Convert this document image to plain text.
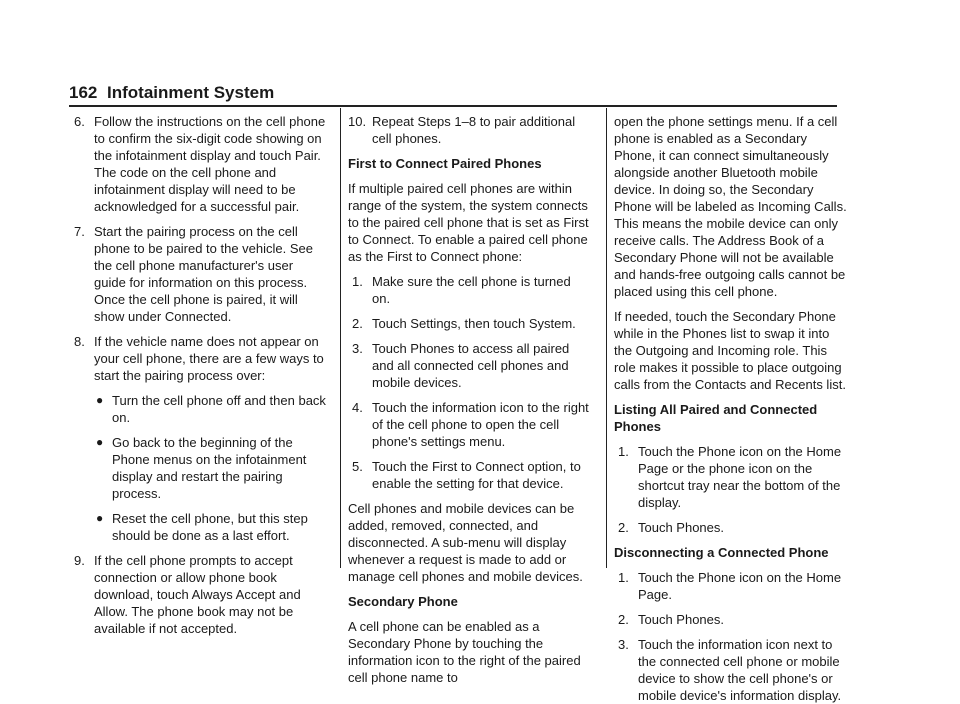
162 Infotainment System
6. Follow the instructions on the cell phone to confirm the six-digit code showing on the infotainment display and touch Pair. The code on the cell phone and infotainment display will need to be acknowledged for a successful pair.
7. Start the pairing process on the cell phone to be paired to the vehicle. See the cell phone manufacturer's user guide for information on this process. Once the cell phone is paired, it will show under Connected.
8. If the vehicle name does not appear on your cell phone, there are a few ways to start the pairing process over:
● Turn the cell phone off and then back on.
● Go back to the beginning of the Phone menus on the infotainment display and restart the pairing process.
● Reset the cell phone, but this step should be done as a last effort.
9. If the cell phone prompts to accept connection or allow phone book download, touch Always Accept and Allow. The phone book may not be available if not accepted.
10. Repeat Steps 1–8 to pair additional cell phones.
First to Connect Paired Phones
If multiple paired cell phones are within range of the system, the system connects to the paired cell phone that is set as First to Connect. To enable a paired cell phone as the First to Connect phone:
1. Make sure the cell phone is turned on.
2. Touch Settings, then touch System.
3. Touch Phones to access all paired and all connected cell phones and mobile devices.
4. Touch the information icon to the right of the cell phone to open the cell phone's settings menu.
5. Touch the First to Connect option, to enable the setting for that device.
Cell phones and mobile devices can be added, removed, connected, and disconnected. A sub-menu will display whenever a request is made to add or manage cell phones and mobile devices.
Secondary Phone
A cell phone can be enabled as a Secondary Phone by touching the information icon to the right of the paired cell phone name to
open the phone settings menu. If a cell phone is enabled as a Secondary Phone, it can connect simultaneously alongside another Bluetooth mobile device. In doing so, the Secondary Phone will be labeled as Incoming Calls. This means the mobile device can only receive calls. The Address Book of a Secondary Phone will not be available and hands-free outgoing calls cannot be placed using this cell phone.
If needed, touch the Secondary Phone while in the Phones list to swap it into the Outgoing and Incoming role. This role makes it possible to place outgoing calls from the Contacts and Recents list.
Listing All Paired and Connected Phones
1. Touch the Phone icon on the Home Page or the phone icon on the shortcut tray near the bottom of the display.
2. Touch Phones.
Disconnecting a Connected Phone
1. Touch the Phone icon on the Home Page.
2. Touch Phones.
3. Touch the information icon next to the connected cell phone or mobile device to show the cell phone's or mobile device's information display.
